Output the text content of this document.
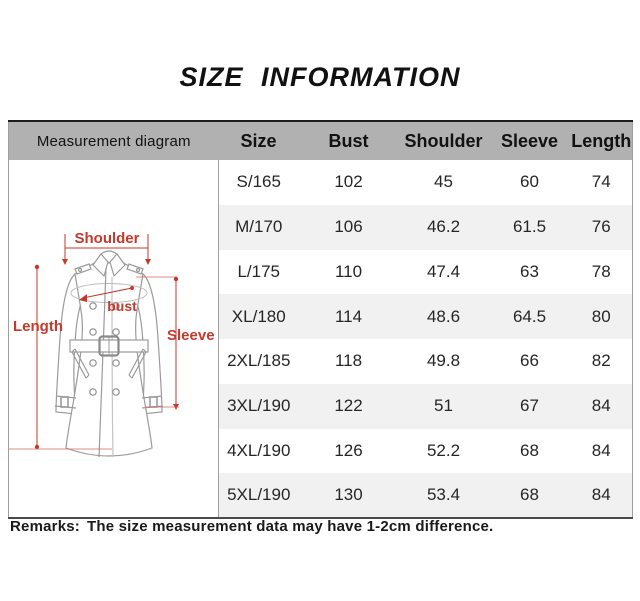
SIZE INFORMATION
Measurement diagram	Size	Bust	Shoulder	Sleeve	Length

Shoulder
Length
bust
Sleeve	S/165	102	45	60	74
	M/170	106	46.2	61.5	76
	L/175	110	47.4	63	78
	XL/180	114	48.6	64.5	80
	2XL/185	118	49.8	66	82
	3XL/190	122	51	67	84
	4XL/190	126	52.2	68	84
	5XL/190	130	53.4	68	84
Remarks: The size measurement data may have 1-2cm difference.
